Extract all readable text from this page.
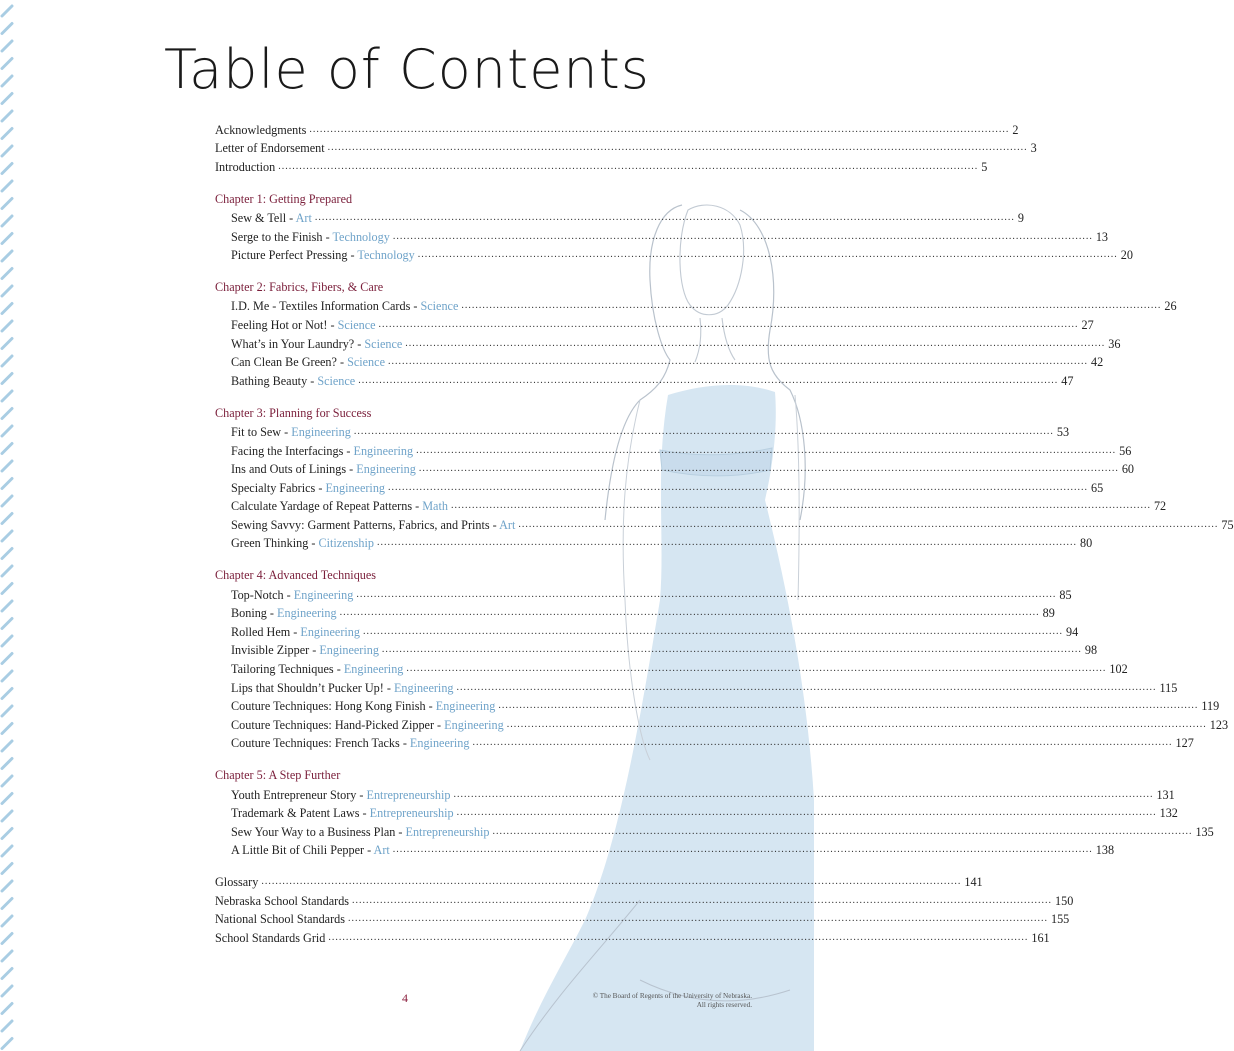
Table of Contents
Acknowledgments ........................................................................................................................................................................................................ 2
Letter of Endorsement ........................................................................................................................................................................................................ 3
Introduction ........................................................................................................................................................................................................ 5
Chapter 1: Getting Prepared
Sew & Tell - Art ........................................................................................................................................................................................................ 9
Serge to the Finish - Technology ........................................................................................................................................................................................................ 13
Picture Perfect Pressing - Technology ........................................................................................................................................................................................................ 20
Chapter 2: Fabrics, Fibers, & Care
I.D. Me - Textiles Information Cards - Science ........................................................................................................................................................................................................ 26
Feeling Hot or Not! - Science ........................................................................................................................................................................................................ 27
What’s in Your Laundry? - Science ........................................................................................................................................................................................................ 36
Can Clean Be Green? - Science ........................................................................................................................................................................................................ 42
Bathing Beauty - Science ........................................................................................................................................................................................................ 47
Chapter 3: Planning for Success
Fit to Sew - Engineering ........................................................................................................................................................................................................ 53
Facing the Interfacings - Engineering ........................................................................................................................................................................................................ 56
Ins and Outs of Linings - Engineering ........................................................................................................................................................................................................ 60
Specialty Fabrics - Engineering ........................................................................................................................................................................................................ 65
Calculate Yardage of Repeat Patterns - Math ........................................................................................................................................................................................................ 72
Sewing Savvy: Garment Patterns, Fabrics, and Prints - Art ........................................................................................................................................................................................................ 75
Green Thinking - Citizenship ........................................................................................................................................................................................................ 80
Chapter 4: Advanced Techniques
Top-Notch - Engineering ........................................................................................................................................................................................................ 85
Boning - Engineering ........................................................................................................................................................................................................ 89
Rolled Hem - Engineering ........................................................................................................................................................................................................ 94
Invisible Zipper - Engineering ........................................................................................................................................................................................................ 98
Tailoring Techniques - Engineering ........................................................................................................................................................................................................ 102
Lips that Shouldn’t Pucker Up! - Engineering ........................................................................................................................................................................................................ 115
Couture Techniques: Hong Kong Finish - Engineering ........................................................................................................................................................................................................ 119
Couture Techniques: Hand-Picked Zipper - Engineering ........................................................................................................................................................................................................ 123
Couture Techniques: French Tacks - Engineering ........................................................................................................................................................................................................ 127
Chapter 5: A Step Further
Youth Entrepreneur Story - Entrepreneurship ........................................................................................................................................................................................................ 131
Trademark & Patent Laws - Entrepreneurship ........................................................................................................................................................................................................ 132
Sew Your Way to a Business Plan - Entrepreneurship ........................................................................................................................................................................................................ 135
A Little Bit of Chili Pepper - Art ........................................................................................................................................................................................................ 138
Glossary ........................................................................................................................................................................................................ 141
Nebraska School Standards ........................................................................................................................................................................................................ 150
National School Standards ........................................................................................................................................................................................................ 155
School Standards Grid ........................................................................................................................................................................................................ 161
4	© The Board of Regents of the University of Nebraska.
All rights reserved.
